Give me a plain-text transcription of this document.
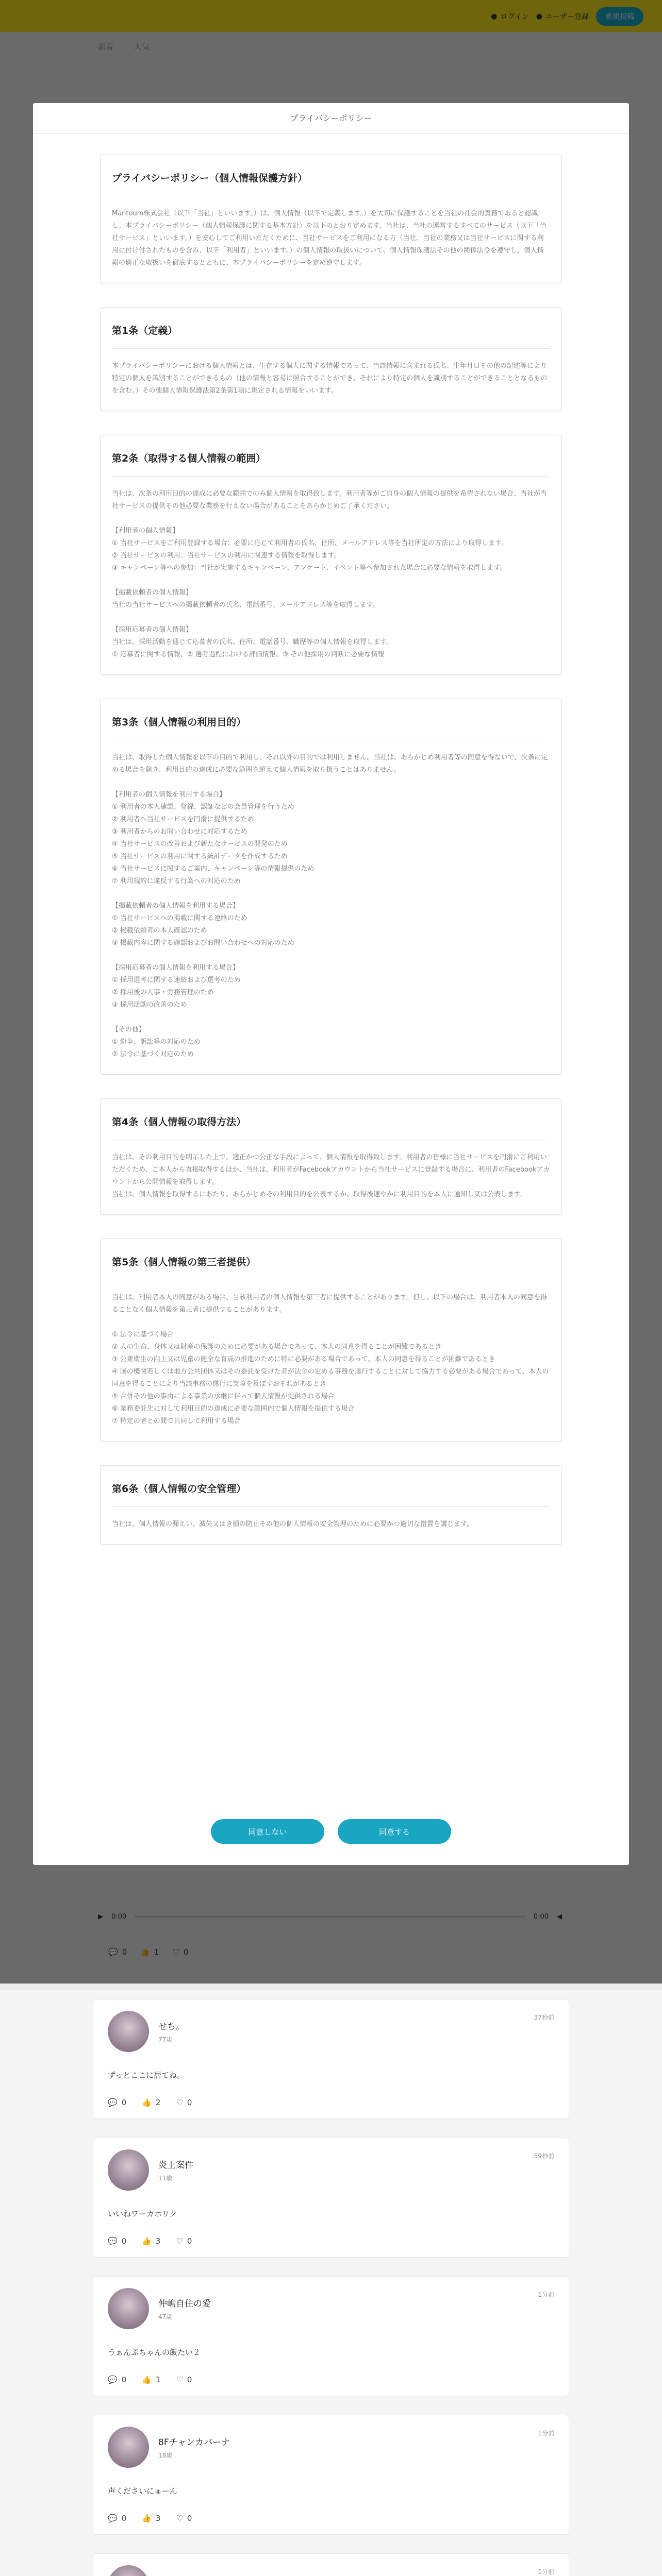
プライバシーポリシー
プライバシーポリシー（個人情報保護方針）

Mantoum株式会社（以下「当社」といいます。）は、個人情報（以下で定義します。）を大切に保護することを当社の社会的責務であると認識し、本プライバシーポリシー（個人情報保護に関する基本方針）を以下のとおり定めます。当社は、当社の運営するすべてのサービス（以下「当社サービス」といいます。）を安心してご利用いただくために、当社サービスをご利用になる方（当社、当社の業務又は当社サービスに関する利用に付け付されたものを含み、以下「利用者」といいます。）の個人情報の取扱いについて、個人情報保護法その他の関係法令を遵守し、個人情報の適正な取扱いを徹底するとともに、本プライバシーポリシーを定め遵守します。

第1条（定義）

本プライバシーポリシーにおける個人情報とは、生存する個人に関する情報であって、当該情報に含まれる氏名、生年月日その他の記述等により特定の個人を識別することができるもの（他の情報と容易に照合することができ、それにより特定の個人を識別することができることとなるものを含む。）その他個人情報保護法第2条第1項に規定される情報をいいます。

第2条（取得する個人情報の範囲）

当社は、次条の利用目的の達成に必要な範囲でのみ個人情報を取得致します。利用者等がご自身の個人情報の提供を希望されない場合、当社が当社サービスの提供その他必要な業務を行えない場合があることをあらかじめご了承ください。

【利用者の個人情報】
① 当社サービスをご利用登録する場合：必要に応じて利用者の氏名、住所、メールアドレス等を当社所定の方法により取得します。
② 当社サービスの利用：当社サービスの利用に関連する情報を取得します。
③ キャンペーン等への参加：当社が実施するキャンペーン、アンケート、イベント等へ参加された場合に必要な情報を取得します。

【掲載依頼者の個人情報】
当社の当社サービスへの掲載依頼者の氏名、電話番号、メールアドレス等を取得します。

【採用応募者の個人情報】
当社は、採用活動を通じて応募者の氏名、住所、電話番号、職歴等の個人情報を取得します。
① 応募者に関する情報、② 選考過程における評価情報、③ その他採用の判断に必要な情報

第3条（個人情報の利用目的）

当社は、取得した個人情報を以下の目的で利用し、それ以外の目的では利用しません。当社は、あらかじめ利用者等の同意を得ないで、次条に定める場合を除き、利用目的の達成に必要な範囲を超えて個人情報を取り扱うことはありません。

【利用者の個人情報を利用する場合】
① 利用者の本人確認、登録、認証などの会員管理を行うため
② 利用者へ当社サービスを円滑に提供するため
③ 利用者からのお問い合わせに対応するため
④ 当社サービスの改善および新たなサービスの開発のため
⑤ 当社サービスの利用に関する統計データを作成するため
⑥ 当社サービスに関するご案内、キャンペーン等の情報提供のため
⑦ 利用規約に違反する行為への対応のため

【掲載依頼者の個人情報を利用する場合】
① 当社サービスへの掲載に関する連絡のため
② 掲載依頼者の本人確認のため
③ 掲載内容に関する確認およびお問い合わせへの対応のため

【採用応募者の個人情報を利用する場合】
① 採用選考に関する連絡および選考のため
② 採用後の人事・労務管理のため
③ 採用活動の改善のため

【その他】
① 紛争、訴訟等の対応のため
② 法令に基づく対応のため

第4条（個人情報の取得方法）

当社は、その利用目的を明示した上で、適正かつ公正な手段によって、個人情報を取得致します。利用者の皆様に当社サービスを円滑にご利用いただくため、ご本人から直接取得するほか、当社は、利用者がFacebookアカウントから当社サービスに登録する場合に、利用者のFacebookアカウントから公開情報を取得します。
当社は、個人情報を取得するにあたり、あらかじめその利用目的を公表するか、取得後速やかに利用目的を本人に通知し又は公表します。

第5条（個人情報の第三者提供）

当社は、利用者本人の同意がある場合、当該利用者の個人情報を第三者に提供することがあります。但し、以下の場合は、利用者本人の同意を得ることなく個人情報を第三者に提供することがあります。

① 法令に基づく場合
② 人の生命、身体又は財産の保護のために必要がある場合であって、本人の同意を得ることが困難であるとき
③ 公衆衛生の向上又は児童の健全な育成の推進のために特に必要がある場合であって、本人の同意を得ることが困難であるとき
④ 国の機関若しくは地方公共団体又はその委託を受けた者が法令の定める事務を遂行することに対して協力する必要がある場合であって、本人の同意を得ることにより当該事務の遂行に支障を及ぼすおそれがあるとき
⑤ 合併その他の事由による事業の承継に伴って個人情報が提供される場合
⑥ 業務委託先に対して利用目的の達成に必要な範囲内で個人情報を提供する場合
⑦ 特定の者との間で共同して利用する場合

第6条（個人情報の安全管理）

当社は、個人情報の漏えい、滅失又はき損の防止その他の個人情報の安全管理のために必要かつ適切な措置を講じます。

同意しない	同意する
せち。
77歳
37秒前
ずっとここに居てね。
💬 0 👍 2 ♡ 0
炎上案件
11歳
59秒前
いいねワーカホリク
💬 0 👍 3 ♡ 0
仲嶋自住の愛
47歳
1分前
うぁんぷちゃんの飯たい２
💬 0 👍 1 ♡ 0
8Fチャンカバーナ
18歳
1分前
声くださいにゅーん
💬 0 👍 3 ♡ 0
1分前
